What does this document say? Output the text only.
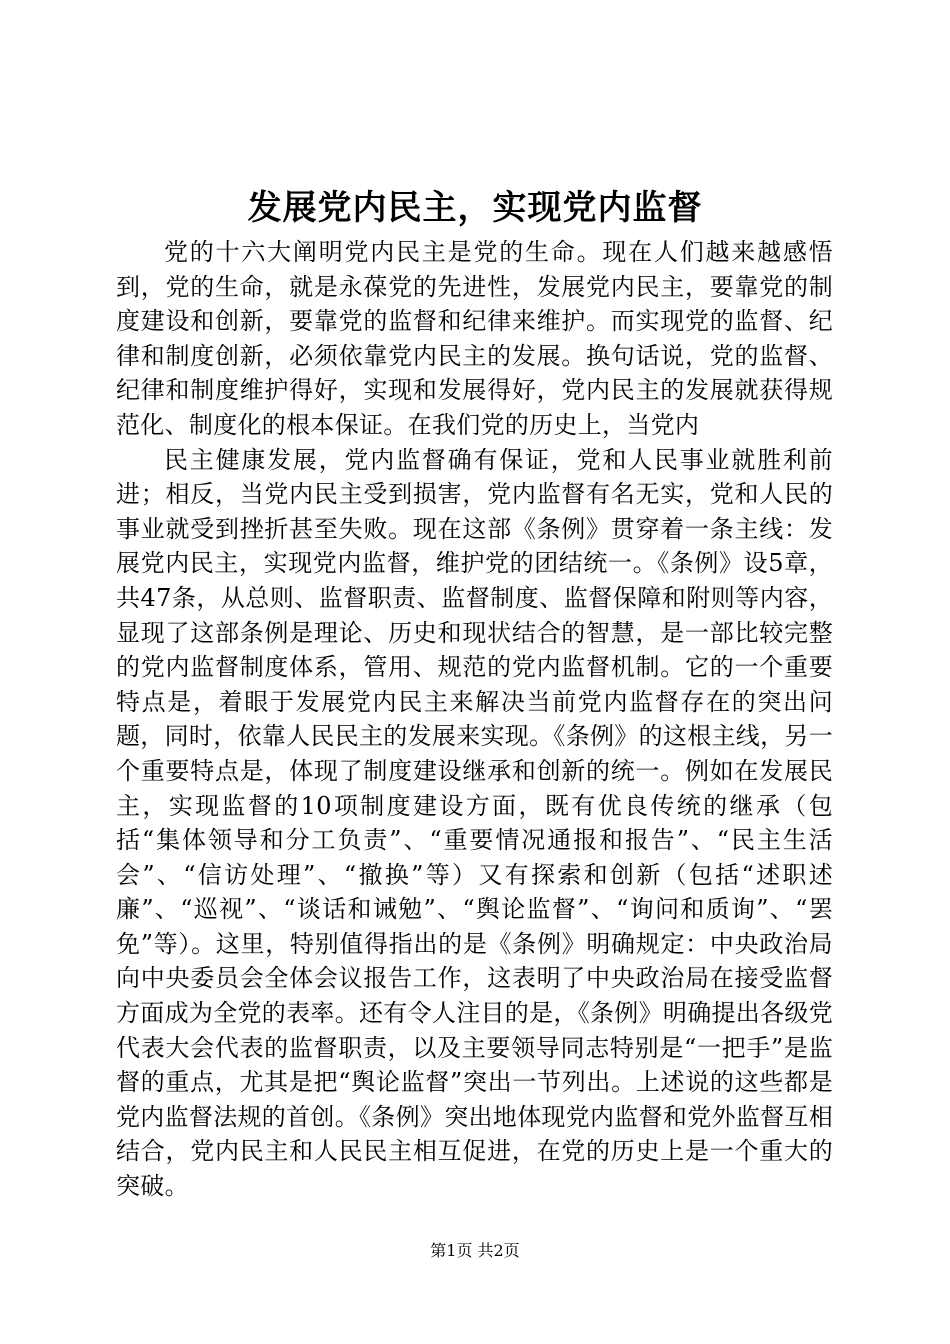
发展党内民主，实现党内监督

党的十六大阐明党内民主是党的生命。现在人们越来越感悟到，党的生命，就是永葆党的先进性，发展党内民主，要靠党的制度建设和创新，要靠党的监督和纪律来维护。而实现党的监督、纪律和制度创新，必须依靠党内民主的发展。换句话说，党的监督、纪律和制度维护得好，实现和发展得好，党内民主的发展就获得规范化、制度化的根本保证。在我们党的历史上，当党内

民主健康发展，党内监督确有保证，党和人民事业就胜利前进；相反，当党内民主受到损害，党内监督有名无实，党和人民的事业就受到挫折甚至失败。现在这部《条例》贯穿着一条主线：发展党内民主，实现党内监督，维护党的团结统一。《条例》设5章，共47条，从总则、监督职责、监督制度、监督保障和附则等内容，显现了这部条例是理论、历史和现状结合的智慧，是一部比较完整的党内监督制度体系，管用、规范的党内监督机制。它的一个重要特点是，着眼于发展党内民主来解决当前党内监督存在的突出问题，同时，依靠人民民主的发展来实现。《条例》的这根主线，另一个重要特点是，体现了制度建设继承和创新的统一。例如在发展民主，实现监督的10项制度建设方面，既有优良传统的继承（包括“集体领导和分工负责”、“重要情况通报和报告”、“民主生活会”、“信访处理”、“撤换”等）又有探索和创新（包括“述职述廉”、“巡视”、“谈话和诫勉”、“舆论监督”、“询问和质询”、“罢免”等）。这里，特别值得指出的是《条例》明确规定：中央政治局向中央委员会全体会议报告工作，这表明了中央政治局在接受监督方面成为全党的表率。还有令人注目的是，《条例》明确提出各级党代表大会代表的监督职责，以及主要领导同志特别是“一把手”是监督的重点，尤其是把“舆论监督”突出一节列出。上述说的这些都是党内监督法规的首创。《条例》突出地体现党内监督和党外监督互相结合，党内民主和人民民主相互促进，在党的历史上是一个重大的突破。

第1页 共2页
